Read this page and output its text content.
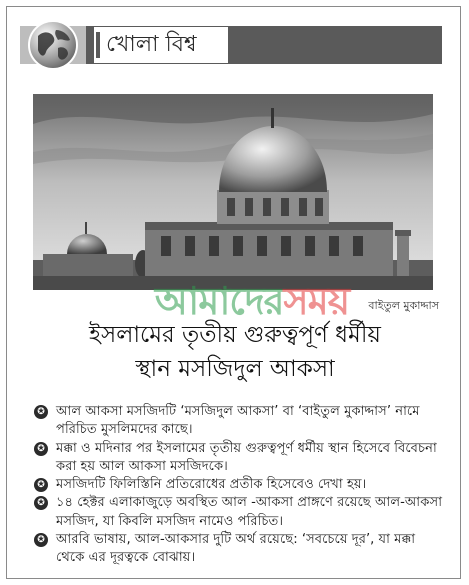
খোলা বিশ্ব
আমাদেরসময়	বাইতুল মুকাদ্দাস
ইসলামের তৃতীয় গুরুত্বপূর্ণ ধর্মীয়
স্থান মসজিদুল আকসা
✪ আল আকসা মসজিদটি ‘মসজিদুল আকসা’ বা ‘বাইতুল মুকাদ্দাস’ নামে পরিচিত মুসলিমদের কাছে।
✪ মক্কা ও মদিনার পর ইসলামের তৃতীয় গুরুত্বপূর্ণ ধর্মীয় স্থান হিসেবে বিবেচনা করা হয় আল আকসা মসজিদকে।
✪ মসজিদটি ফিলিস্তিনি প্রতিরোধের প্রতীক হিসেবেও দেখা হয়।
✪ ১৪ হেক্টর এলাকাজুড়ে অবস্থিত আল -আকসা প্রাঙ্গণে রয়েছে আল-আকসা মসজিদ, যা কিবলি মসজিদ নামেও পরিচিত।
✪ আরবি ভাষায়, আল-আকসার দুটি অর্থ রয়েছে: ‘সবচেয়ে দূর’, যা মক্কা থেকে এর দূরত্বকে বোঝায়।
